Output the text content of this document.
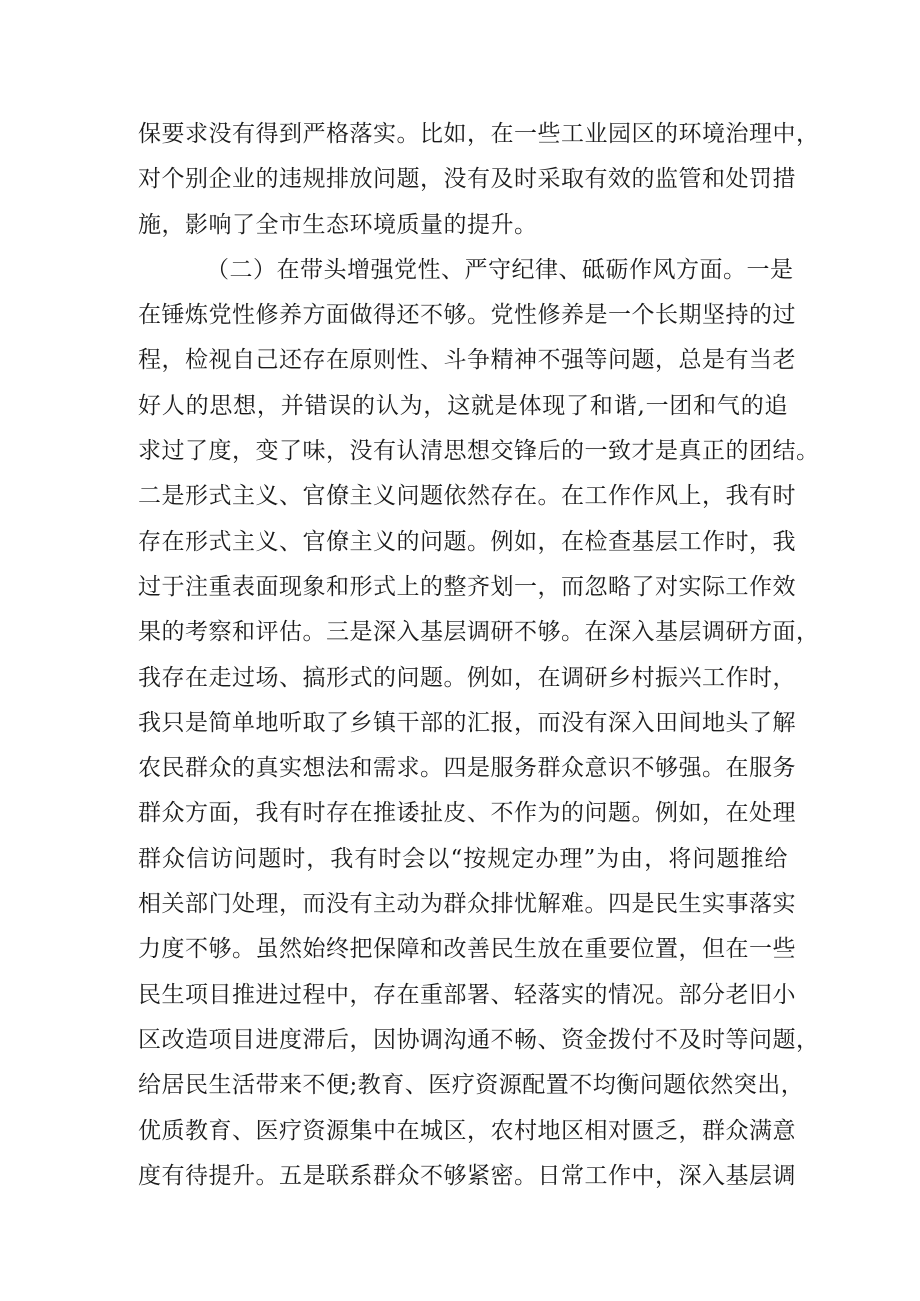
保要求没有得到严格落实。比如，在一些工业园区的环境治理中，
对个别企业的违规排放问题，没有及时采取有效的监管和处罚措
施，影响了全市生态环境质量的提升。
（二）在带头增强党性、严守纪律、砥砺作风方面。一是
在锤炼党性修养方面做得还不够。党性修养是一个长期坚持的过
程，检视自己还存在原则性、斗争精神不强等问题，总是有当老
好人的思想，并错误的认为，这就是体现了和谐,一团和气的追
求过了度，变了味，没有认清思想交锋后的一致才是真正的团结。
二是形式主义、官僚主义问题依然存在。在工作作风上，我有时
存在形式主义、官僚主义的问题。例如，在检查基层工作时，我
过于注重表面现象和形式上的整齐划一，而忽略了对实际工作效
果的考察和评估。三是深入基层调研不够。在深入基层调研方面，
我存在走过场、搞形式的问题。例如，在调研乡村振兴工作时，
我只是简单地听取了乡镇干部的汇报，而没有深入田间地头了解
农民群众的真实想法和需求。四是服务群众意识不够强。在服务
群众方面，我有时存在推诿扯皮、不作为的问题。例如，在处理
群众信访问题时，我有时会以“按规定办理”为由，将问题推给
相关部门处理，而没有主动为群众排忧解难。四是民生实事落实
力度不够。虽然始终把保障和改善民生放在重要位置，但在一些
民生项目推进过程中，存在重部署、轻落实的情况。部分老旧小
区改造项目进度滞后，因协调沟通不畅、资金拨付不及时等问题，
给居民生活带来不便;教育、医疗资源配置不均衡问题依然突出，
优质教育、医疗资源集中在城区，农村地区相对匮乏，群众满意
度有待提升。五是联系群众不够紧密。日常工作中，深入基层调
